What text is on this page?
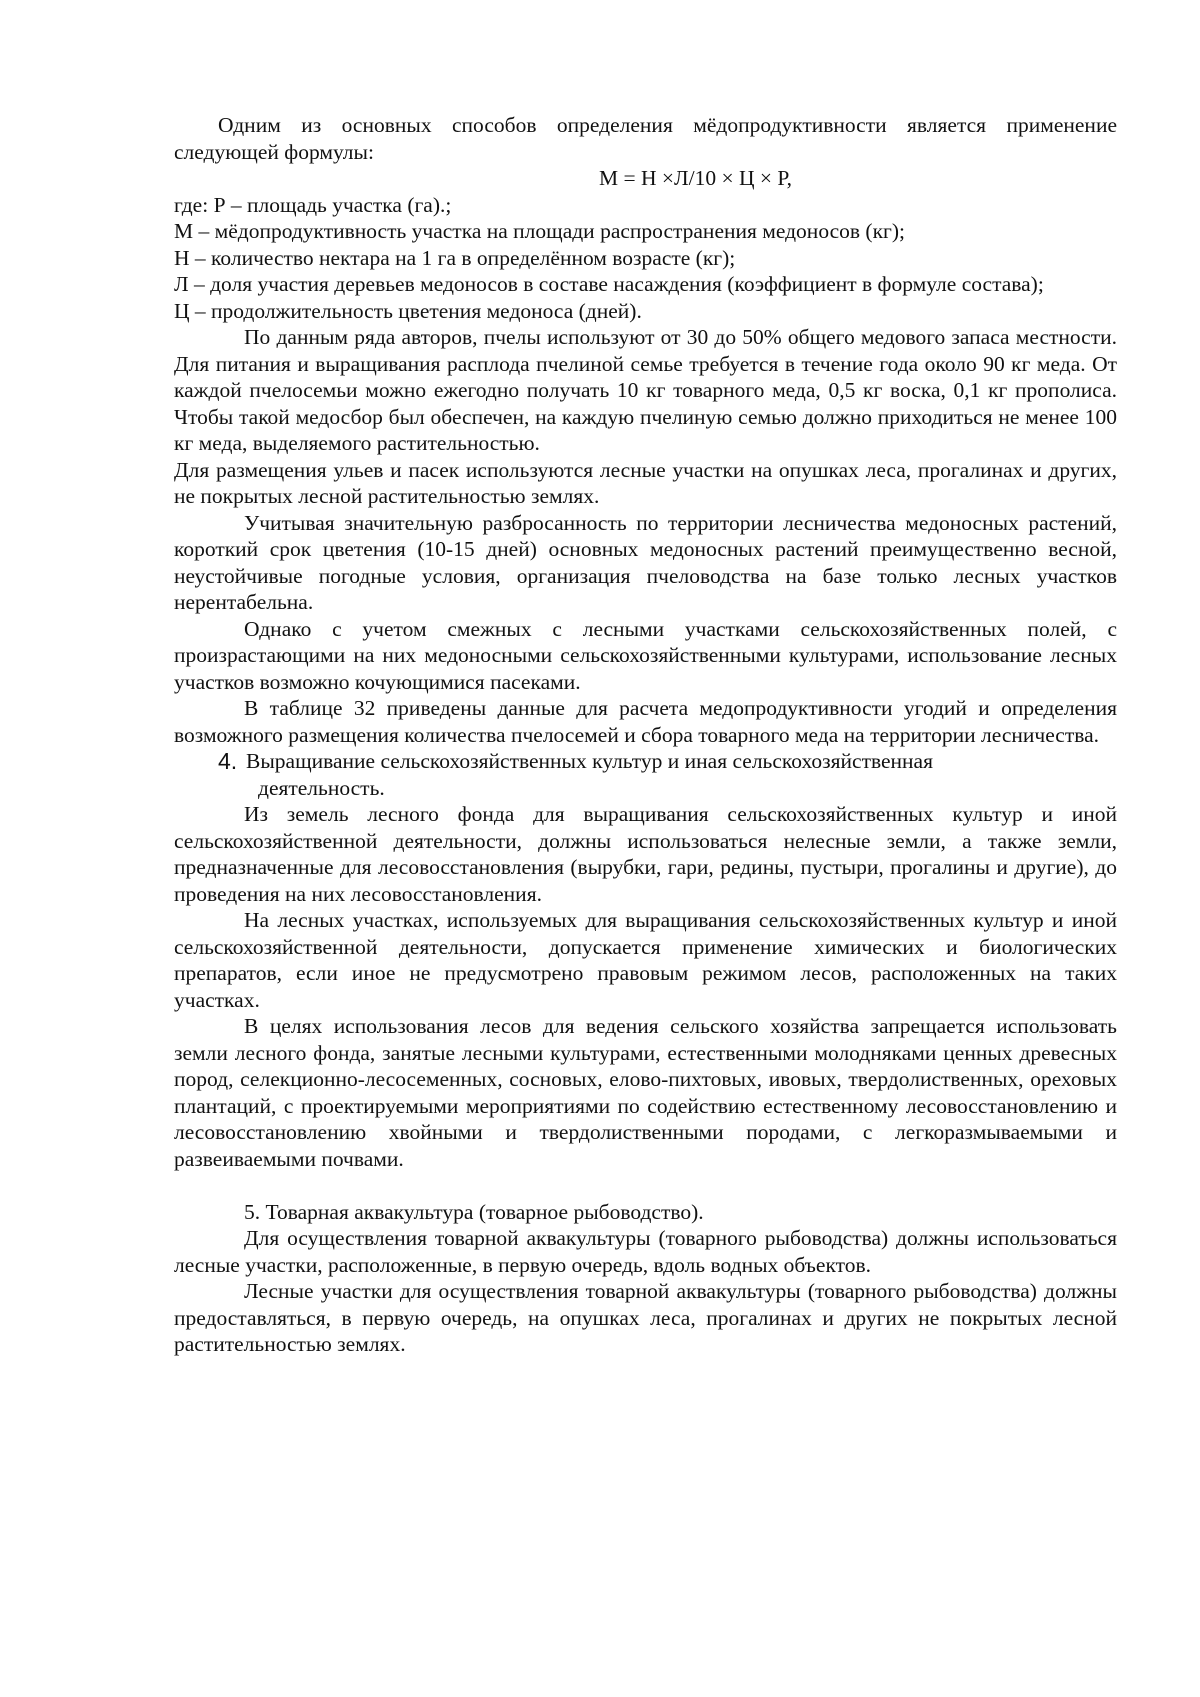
Одним из основных способов определения мёдопродуктивности является применение следующей формулы:

М = Н ×Л/10 × Ц × Р,

где: Р – площадь участка (га).;

М – мёдопродуктивность участка на площади распространения медоносов (кг);

Н – количество нектара на 1 га в определённом возрасте (кг);

Л – доля участия деревьев медоносов в составе насаждения (коэффициент в формуле состава);

Ц – продолжительность цветения медоноса (дней).

По данным ряда авторов, пчелы используют от 30 до 50% общего медового запаса местности. Для питания и выращивания расплода пчелиной семье требуется в течение года около 90 кг меда. От каждой пчелосемьи можно ежегодно получать 10 кг товарного меда, 0,5 кг воска, 0,1 кг прополиса. Чтобы такой медосбор был обеспечен, на каждую пчелиную семью должно приходиться не менее 100 кг меда, выделяемого растительностью.

Для размещения ульев и пасек используются лесные участки на опушках леса, прогалинах и других, не покрытых лесной растительностью землях.

Учитывая значительную разбросанность по территории лесничества медоносных растений, короткий срок цветения (10-15 дней) основных медоносных растений преимущественно весной, неустойчивые погодные условия, организация пчеловодства на базе только лесных участков нерентабельна.

Однако с учетом смежных с лесными участками сельскохозяйственных полей, с произрастающими на них медоносными сельскохозяйственными культурами, использование лесных участков возможно кочующимися пасеками.

В таблице 32 приведены данные для расчета медопродуктивности угодий и определения возможного размещения количества пчелосемей и сбора товарного меда на территории лесничества.

4. Выращивание сельскохозяйственных культур и иная сельскохозяйственная
деятельность.

Из земель лесного фонда для выращивания сельскохозяйственных культур и иной сельскохозяйственной деятельности, должны использоваться нелесные земли, а также земли, предназначенные для лесовосстановления (вырубки, гари, редины, пустыри, прогалины и другие), до проведения на них лесовосстановления.

На лесных участках, используемых для выращивания сельскохозяйственных культур и иной сельскохозяйственной деятельности, допускается применение химических и биологических препаратов, если иное не предусмотрено правовым режимом лесов, расположенных на таких участках.

В целях использования лесов для ведения сельского хозяйства запрещается использовать земли лесного фонда, занятые лесными культурами, естественными молодняками ценных древесных пород, селекционно-лесосеменных, сосновых, елово-пихтовых, ивовых, твердолиственных, ореховых плантаций, с проектируемыми мероприятиями по содействию естественному лесовосстановлению и лесовосстановлению хвойными и твердолиственными породами, с легкоразмываемыми и развеиваемыми почвами.

5. Товарная аквакультура (товарное рыбоводство).

Для осуществления товарной аквакультуры (товарного рыбоводства) должны использоваться лесные участки, расположенные, в первую очередь, вдоль водных объектов.

Лесные участки для осуществления товарной аквакультуры (товарного рыбоводства) должны предоставляться, в первую очередь, на опушках леса, прогалинах и других не покрытых лесной растительностью землях.
